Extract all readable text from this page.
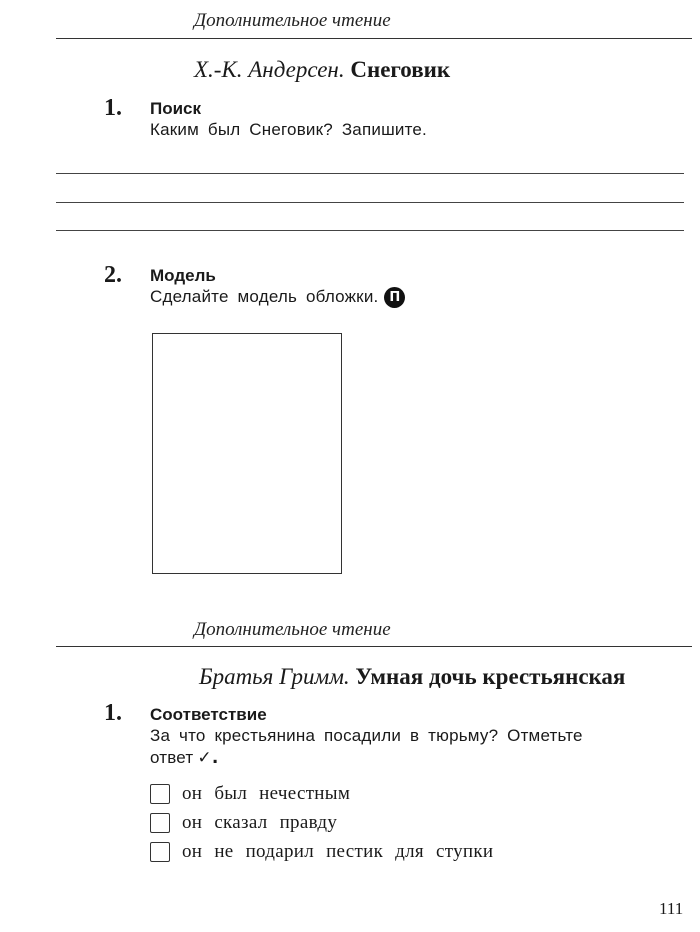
Дополнительное чтение
Х.-К. Андерсен. Снеговик
1. Поиск
Каким был Снеговик? Запишите.
2. Модель
Сделайте модель обложки. П
Дополнительное чтение
Братья Гримм. Умная дочь крестьянская
1. Соответствие
За что крестьянина посадили в тюрьму? Отметьте
ответ ✓.
он был нечестным
он сказал правду
он не подарил пестик для ступки
111
